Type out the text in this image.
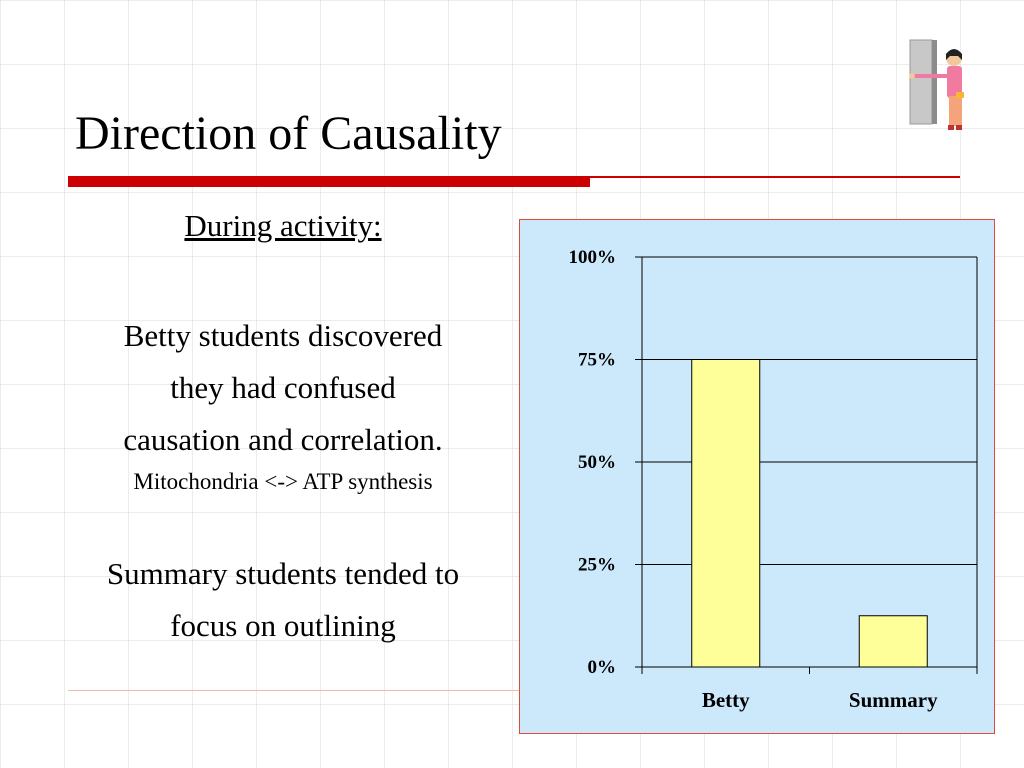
Direction of Causality
During activity:
Betty students discovered
they had confused
causation and correlation.
Mitochondria <-> ATP synthesis
Summary students tended to
focus on outlining
0%
25%
50%
75%
100%
Betty	Summary
